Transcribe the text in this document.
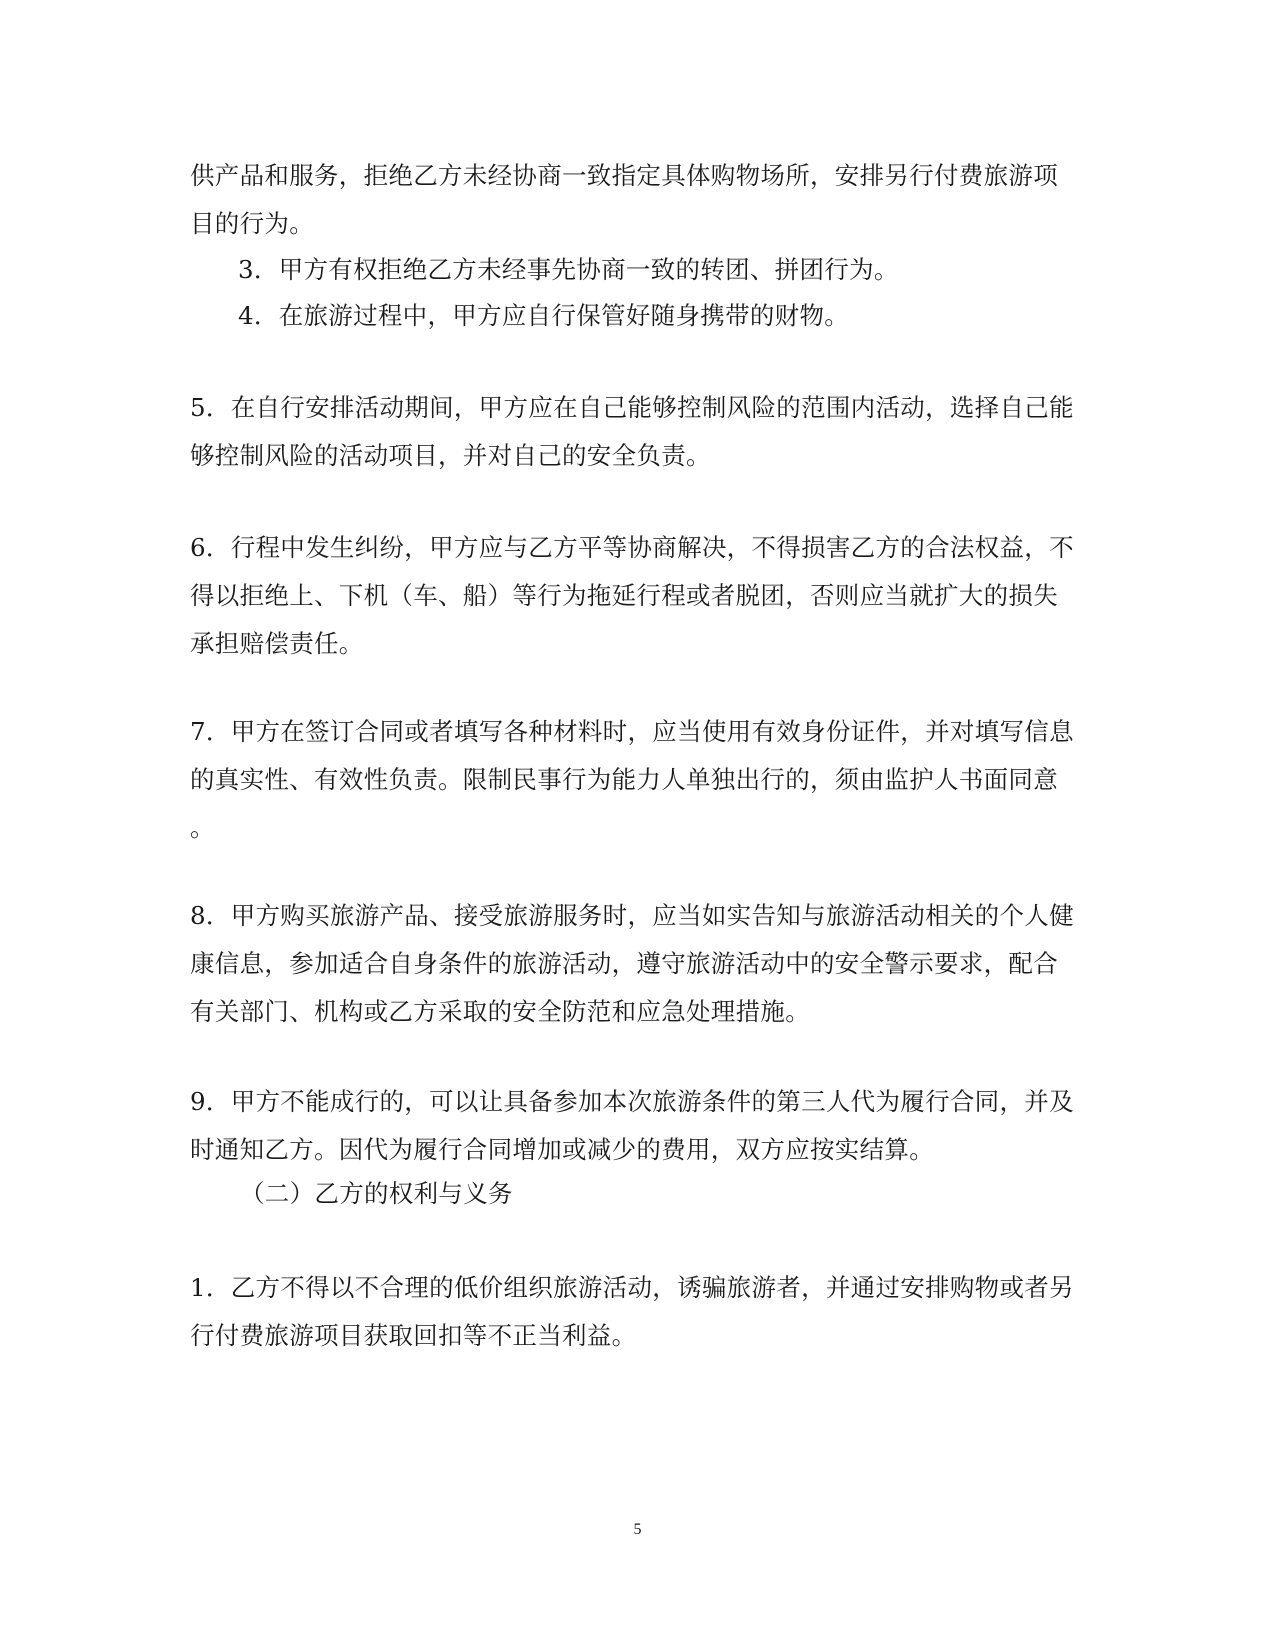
供产品和服务，拒绝乙方未经协商一致指定具体购物场所，安排另行付费旅游项
目的行为。
3．甲方有权拒绝乙方未经事先协商一致的转团、拼团行为。
4．在旅游过程中，甲方应自行保管好随身携带的财物。
5．在自行安排活动期间，甲方应在自己能够控制风险的范围内活动，选择自己能
够控制风险的活动项目，并对自己的安全负责。
6．行程中发生纠纷，甲方应与乙方平等协商解决，不得损害乙方的合法权益，不
得以拒绝上、下机（车、船）等行为拖延行程或者脱团，否则应当就扩大的损失
承担赔偿责任。
7．甲方在签订合同或者填写各种材料时，应当使用有效身份证件，并对填写信息
的真实性、有效性负责。限制民事行为能力人单独出行的，须由监护人书面同意
。
8．甲方购买旅游产品、接受旅游服务时，应当如实告知与旅游活动相关的个人健
康信息，参加适合自身条件的旅游活动，遵守旅游活动中的安全警示要求，配合
有关部门、机构或乙方采取的安全防范和应急处理措施。
9．甲方不能成行的，可以让具备参加本次旅游条件的第三人代为履行合同，并及
时通知乙方。因代为履行合同增加或减少的费用，双方应按实结算。
（二）乙方的权利与义务
1．乙方不得以不合理的低价组织旅游活动，诱骗旅游者，并通过安排购物或者另
行付费旅游项目获取回扣等不正当利益。
5
